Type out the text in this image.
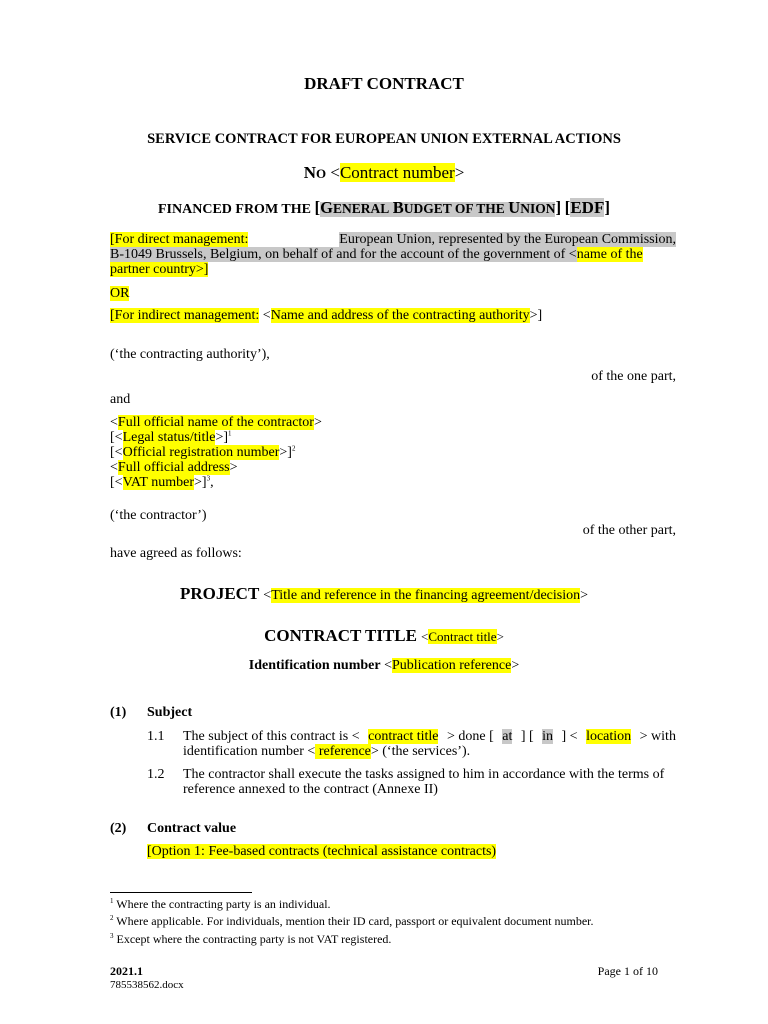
DRAFT CONTRACT
SERVICE CONTRACT FOR EUROPEAN UNION EXTERNAL ACTIONS
NO <Contract number>
FINANCED FROM THE [GENERAL BUDGET OF THE UNION] [EDF]
[For direct management:	European Union, represented by the European Commission,
B-1049 Brussels, Belgium, on behalf of and for the account of the government of <name of the
partner country>]
OR
[For indirect management: <Name and address of the contracting authority>]
(‘the contracting authority’),
of the one part,
and
<Full official name of the contractor>
[<Legal status/title>]$^1$
[<Official registration number>]$^2$
<Full official address>
[<VAT number>]$^3$,
(‘the contractor’)
of the other part,
have agreed as follows:
PROJECT <Title and reference in the financing agreement/decision>
CONTRACT TITLE <Contract title>
Identification number <Publication reference>
(1) Subject
1.1 The subject of this contract is < contract title > done [ at ] [ in ] < location > with
identification number < reference> (‘the services’).
1.2 The contractor shall execute the tasks assigned to him in accordance with the terms of
reference annexed to the contract (Annexe II)
(2) Contract value
[Option 1: Fee-based contracts (technical assistance contracts)
$^1$ Where the contracting party is an individual.
$^2$ Where applicable. For individuals, mention their ID card, passport or equivalent document number.
$^3$ Except where the contracting party is not VAT registered.
2021.1
785538562.docx
Page 1 of 10
